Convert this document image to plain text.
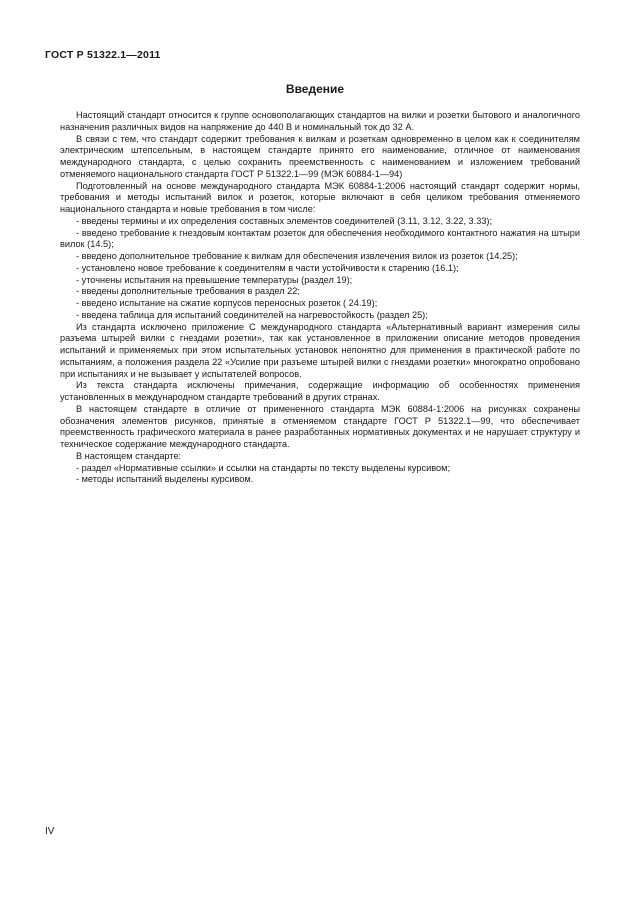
ГОСТ Р 51322.1—2011
Введение

Настоящий стандарт относится к группе основополагающих стандартов на вилки и розетки бытового и аналогичного назначения различных видов на напряжение до 440 В и номинальный ток до 32 А.

В связи с тем, что стандарт содержит требования к вилкам и розеткам одновременно в целом как к соединителям электрическим штепсельным, в настоящем стандарте принято его наименование, отличное от наименования международного стандарта, с целью сохранить преемственность с наименованием и изложением требований отменяемого национального стандарта ГОСТ Р 51322.1—99 (МЭК 60884-1—94)

Подготовленный на основе международного стандарта МЭК 60884-1:2006 настоящий стандарт содержит нормы, требования и методы испытаний вилок и розеток, которые включают в себя целиком требования отменяемого национального стандарта и новые требования в том числе:

- введены термины и их определения составных элементов соединителей (3.11, 3.12, 3.22, 3.33);

- введено требование к гнездовым контактам розеток для обеспечения необходимого контактного нажатия на штыри вилок (14.5);

- введено дополнительное требование к вилкам для обеспечения извлечения вилок из розеток (14.25);

- установлено новое требование к соединителям в части устойчивости к старению (16.1);

- уточнены испытания на превышение температуры (раздел 19);

- введены дополнительные требования в раздел 22;

- введено испытание на сжатие корпусов переносных розеток ( 24.19);

- введена таблица для испытаний соединителей на нагревостойкость (раздел 25);

Из стандарта исключено приложение С международного стандарта «Альтернативный вариант измерения силы разъема штырей вилки с гнездами розетки», так как установленное в приложении описание методов проведения испытаний и применяемых при этом испытательных установок непонятно для применения в практической работе по испытаниям, а положения раздела 22 «Усилие при разъеме штырей вилки с гнездами розетки» многократно опробовано при испытаниях и не вызывает у испытателей вопросов.

Из текста стандарта исключены примечания, содержащие информацию об особенностях применения установленных в международном стандарте требований в других странах.

В настоящем стандарте в отличие от примененного стандарта МЭК 60884-1:2006 на рисунках сохранены обозначения элементов рисунков, принятые в отменяемом стандарте ГОСТ Р 51322.1—99, что обеспечивает преемственность графического материала в ранее разработанных нормативных документах и не нарушает структуру и техническое содержание международного стандарта.

В настоящем стандарте:

- раздел «Нормативные ссылки» и ссылки на стандарты по тексту выделены курсивом;

- методы испытаний выделены курсивом.

IV
